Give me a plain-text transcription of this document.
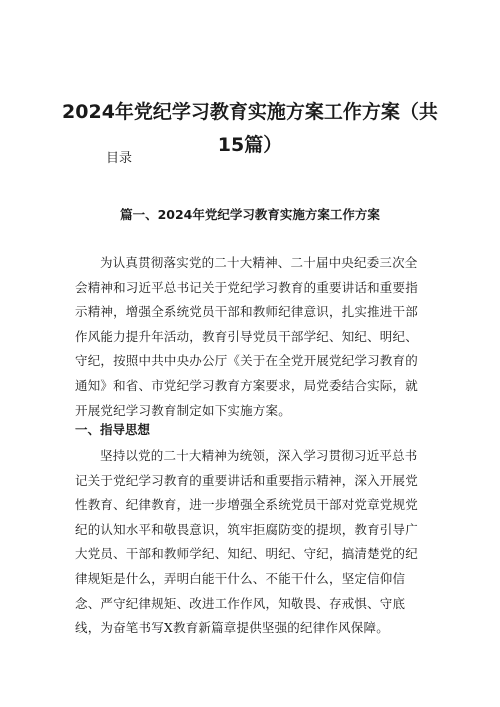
2024年党纪学习教育实施方案工作方案（共15篇）

目录

篇一、2024年党纪学习教育实施方案工作方案

为认真贯彻落实党的二十大精神、二十届中央纪委三次全会精神和习近平总书记关于党纪学习教育的重要讲话和重要指示精神，增强全系统党员干部和教师纪律意识，扎实推进干部作风能力提升年活动，教育引导党员干部学纪、知纪、明纪、守纪，按照中共中央办公厅《关于在全党开展党纪学习教育的通知》和省、市党纪学习教育方案要求，局党委结合实际，就开展党纪学习教育制定如下实施方案。

一、指导思想

坚持以党的二十大精神为统领，深入学习贯彻习近平总书记关于党纪学习教育的重要讲话和重要指示精神，深入开展党性教育、纪律教育，进一步增强全系统党员干部对党章党规党纪的认知水平和敬畏意识，筑牢拒腐防变的提坝，教育引导广大党员、干部和教师学纪、知纪、明纪、守纪，搞清楚党的纪律规矩是什么，弄明白能干什么、不能干什么，坚定信仰信念、严守纪律规矩、改进工作作风，知敬畏、存戒惧、守底线，为奋笔书写X教育新篇章提供坚强的纪律作风保障。
